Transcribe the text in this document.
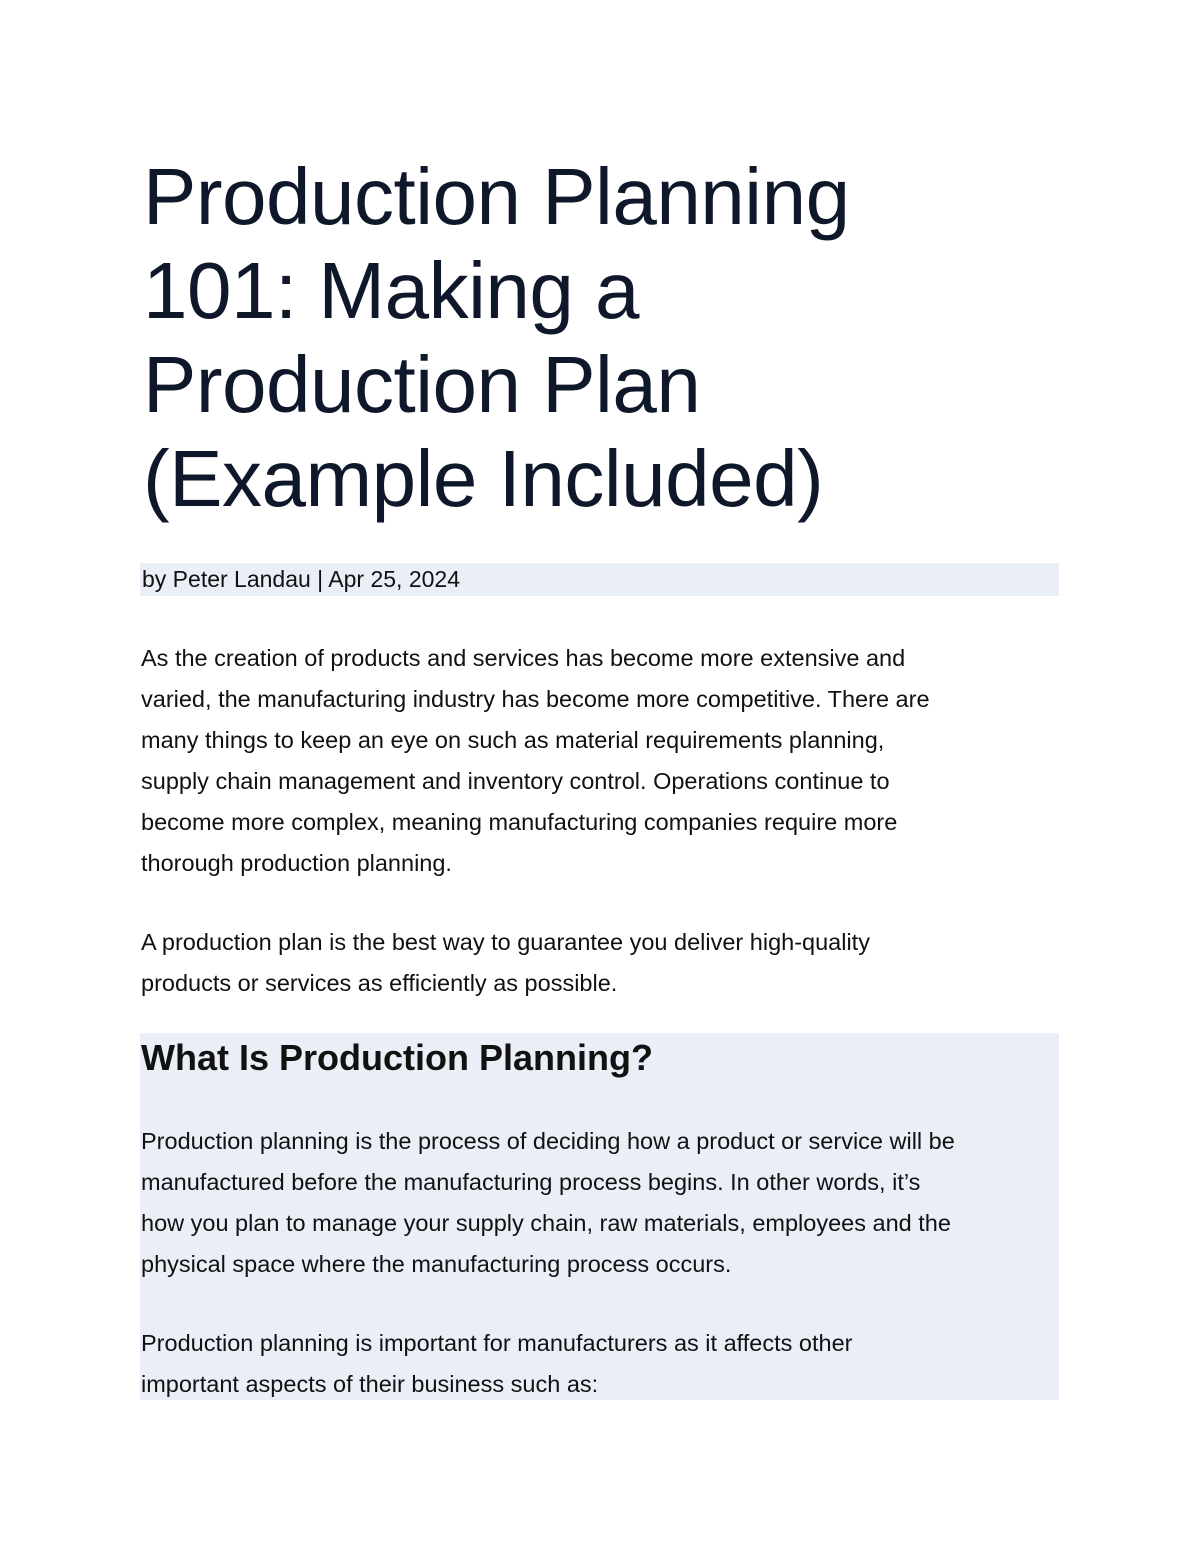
Production Planning
101: Making a
Production Plan
(Example Included)
by Peter Landau | Apr 25, 2024

As the creation of products and services has become more extensive and
varied, the manufacturing industry has become more competitive. There are
many things to keep an eye on such as material requirements planning,
supply chain management and inventory control. Operations continue to
become more complex, meaning manufacturing companies require more
thorough production planning.

A production plan is the best way to guarantee you deliver high-quality
products or services as efficiently as possible.

What Is Production Planning?

Production planning is the process of deciding how a product or service will be
manufactured before the manufacturing process begins. In other words, it’s
how you plan to manage your supply chain, raw materials, employees and the
physical space where the manufacturing process occurs.

Production planning is important for manufacturers as it affects other
important aspects of their business such as:
